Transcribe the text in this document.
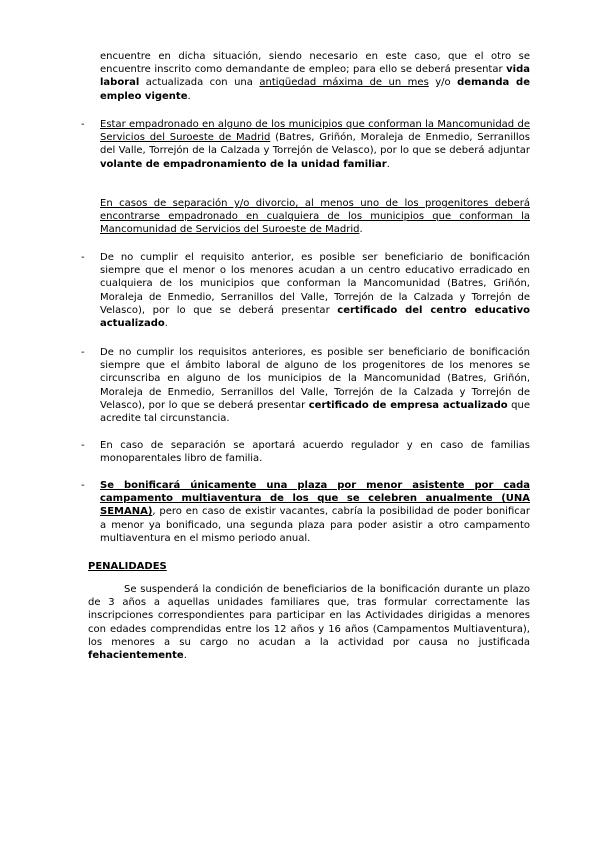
encuentre en dicha situación, siendo necesario en este caso, que el otro se encuentre inscrito como demandante de empleo; para ello se deberá presentar vida laboral actualizada con una antigüedad máxima de un mes y/o demanda de empleo vigente.

- Estar empadronado en alguno de los municipios que conforman la Mancomunidad de Servicios del Suroeste de Madrid (Batres, Griñón, Moraleja de Enmedio, Serranillos del Valle, Torrejón de la Calzada y Torrejón de Velasco), por lo que se deberá adjuntar volante de empadronamiento de la unidad familiar.

En casos de separación y/o divorcio, al menos uno de los progenitores deberá encontrarse empadronado en cualquiera de los municipios que conforman la Mancomunidad de Servicios del Suroeste de Madrid.

- De no cumplir el requisito anterior, es posible ser beneficiario de bonificación siempre que el menor o los menores acudan a un centro educativo erradicado en cualquiera de los municipios que conforman la Mancomunidad (Batres, Griñón, Moraleja de Enmedio, Serranillos del Valle, Torrejón de la Calzada y Torrejón de Velasco), por lo que se deberá presentar certificado del centro educativo actualizado.

- De no cumplir los requisitos anteriores, es posible ser beneficiario de bonificación siempre que el ámbito laboral de alguno de los progenitores de los menores se circunscriba en alguno de los municipios de la Mancomunidad (Batres, Griñón, Moraleja de Enmedio, Serranillos del Valle, Torrejón de la Calzada y Torrejón de Velasco), por lo que se deberá presentar certificado de empresa actualizado que acredite tal circunstancia.

- En caso de separación se aportará acuerdo regulador y en caso de familias monoparentales libro de familia.

- Se bonificará únicamente una plaza por menor asistente por cada campamento multiaventura de los que se celebren anualmente (UNA SEMANA), pero en caso de existir vacantes, cabría la posibilidad de poder bonificar a menor ya bonificado, una segunda plaza para poder asistir a otro campamento multiaventura en el mismo periodo anual.

PENALIDADES

Se suspenderá la condición de beneficiarios de la bonificación durante un plazo de 3 años a aquellas unidades familiares que, tras formular correctamente las inscripciones correspondientes para participar en las Actividades dirigidas a menores con edades comprendidas entre los 12 años y 16 años (Campamentos Multiaventura), los menores a su cargo no acudan a la actividad por causa no justificada fehacientemente.
